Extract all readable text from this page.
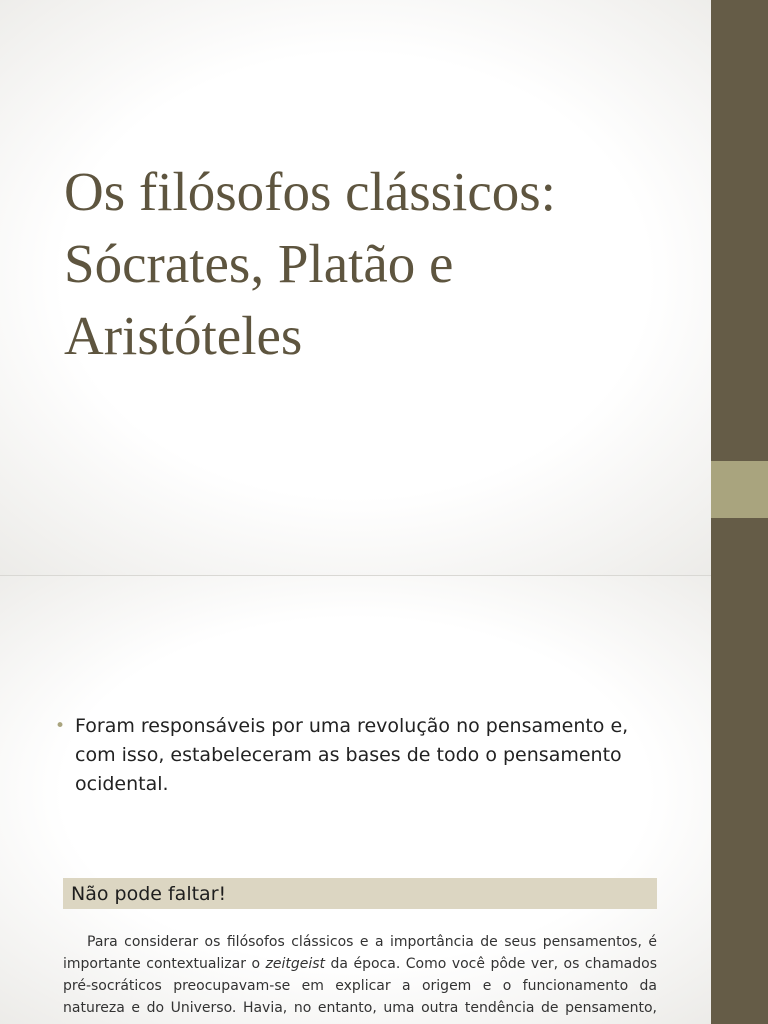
Os filósofos clássicos:
Sócrates, Platão e
Aristóteles
• Foram responsáveis por uma revolução no pensamento e,
com isso, estabeleceram as bases de todo o pensamento
ocidental.
Não pode faltar!
Para considerar os filósofos clássicos e a importância de seus pensamentos, é
importante contextualizar o zeitgeist da época. Como você pôde ver, os chamados
pré-socráticos preocupavam-se em explicar a origem e o funcionamento da
natureza e do Universo. Havia, no entanto, uma outra tendência de pensamento,
